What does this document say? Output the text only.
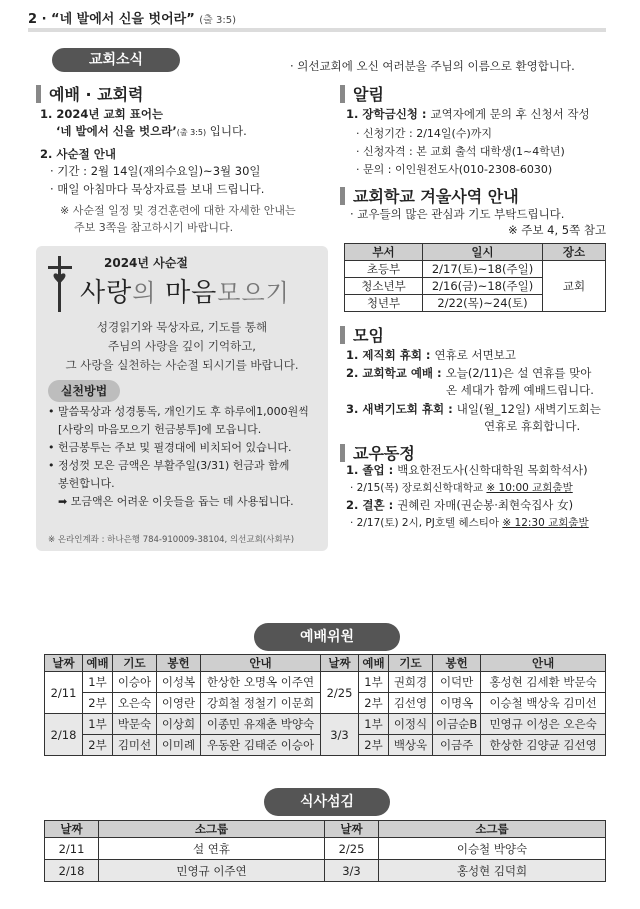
2 · “네 발에서 신을 벗어라” (출 3:5)
교회소식	· 의선교회에 오신 여러분을 주님의 이름으로 환영합니다.
예배 · 교회력
1. 2024년 교회 표어는
‘네 발에서 신을 벗으라’(출 3:5) 입니다.
2. 사순절 안내
· 기간 : 2월 14일(재의수요일)~3월 30일
· 매일 아침마다 묵상자료를 보내 드립니다.
※ 사순절 일정 및 경건훈련에 대한 자세한 안내는
주보 3쪽을 참고하시기 바랍니다.
2024년 사순절
사랑의 마음모으기
성경읽기와 묵상자료, 기도를 통해
주님의 사랑을 깊이 기억하고,
그 사랑을 실천하는 사순절 되시기를 바랍니다.
실천방법
• 말씀묵상과 성경통독, 개인기도 후 하루에1,000원씩
[사랑의 마음모으기 헌금봉투]에 모읍니다.
• 헌금봉투는 주보 및 필경대에 비치되어 있습니다.
• 정성껏 모은 금액은 부활주일(3/31) 헌금과 함께
봉헌합니다.
➡ 모금액은 어려운 이웃들을 돕는 데 사용됩니다.
※ 온라인계좌 : 하나은행 784-910009-38104, 의선교회(사회부)
알림
1. 장학금신청 : 교역자에게 문의 후 신청서 작성
· 신청기간 : 2/14일(수)까지
· 신청자격 : 본 교회 출석 대학생(1~4학년)
· 문의 : 이인원전도사(010-2308-6030)
교회학교 겨울사역 안내
· 교우들의 많은 관심과 기도 부탁드립니다.
※ 주보 4, 5쪽 참고
부서	일시	장소
초등부	2/17(토)~18(주일)	교회
청소년부	2/16(금)~18(주일)	
청년부	2/22(목)~24(토)	
모임
1. 제직회 휴회 : 연휴로 서면보고
2. 교회학교 예배 : 오늘(2/11)은 설 연휴를 맞아
온 세대가 함께 예배드립니다.
3. 새벽기도회 휴회 : 내일(월_12일) 새벽기도회는
연휴로 휴회합니다.
교우동정
1. 졸업 : 백요한전도사(신학대학원 목회학석사)
· 2/15(목) 장로회신학대학교 ※ 10:00 교회출발
2. 결혼 : 권혜린 자매(권순봉·최현숙집사 女)
· 2/17(토) 2시, PJ호텔 헤스티아 ※ 12:30 교회출발
예배위원
날짜	예배	기도	봉헌	안내	날짜	예배	기도	봉헌	안내
2/11	1부	이승아	이성복	한상한 오명옥 이주연	2/25	1부	권희경	이덕만	홍성현 김세환 박문숙
	2부	오은숙	이영란	강희철 정철기 이문희		2부	김선영	이명옥	이승철 백상욱 김미선
2/18	1부	박문숙	이상희	이종민 유재춘 박양숙	3/3	1부	이정식	이금순B	민영규 이성은 오은숙
	2부	김미선	이미례	우동완 김태준 이승아		2부	백상욱	이금주	한상한 김양균 김선영
식사섬김
날짜	소그룹	날짜	소그룹
2/11	설 연휴	2/25	이승철 박양숙
2/18	민영규 이주연	3/3	홍성현 김덕희
